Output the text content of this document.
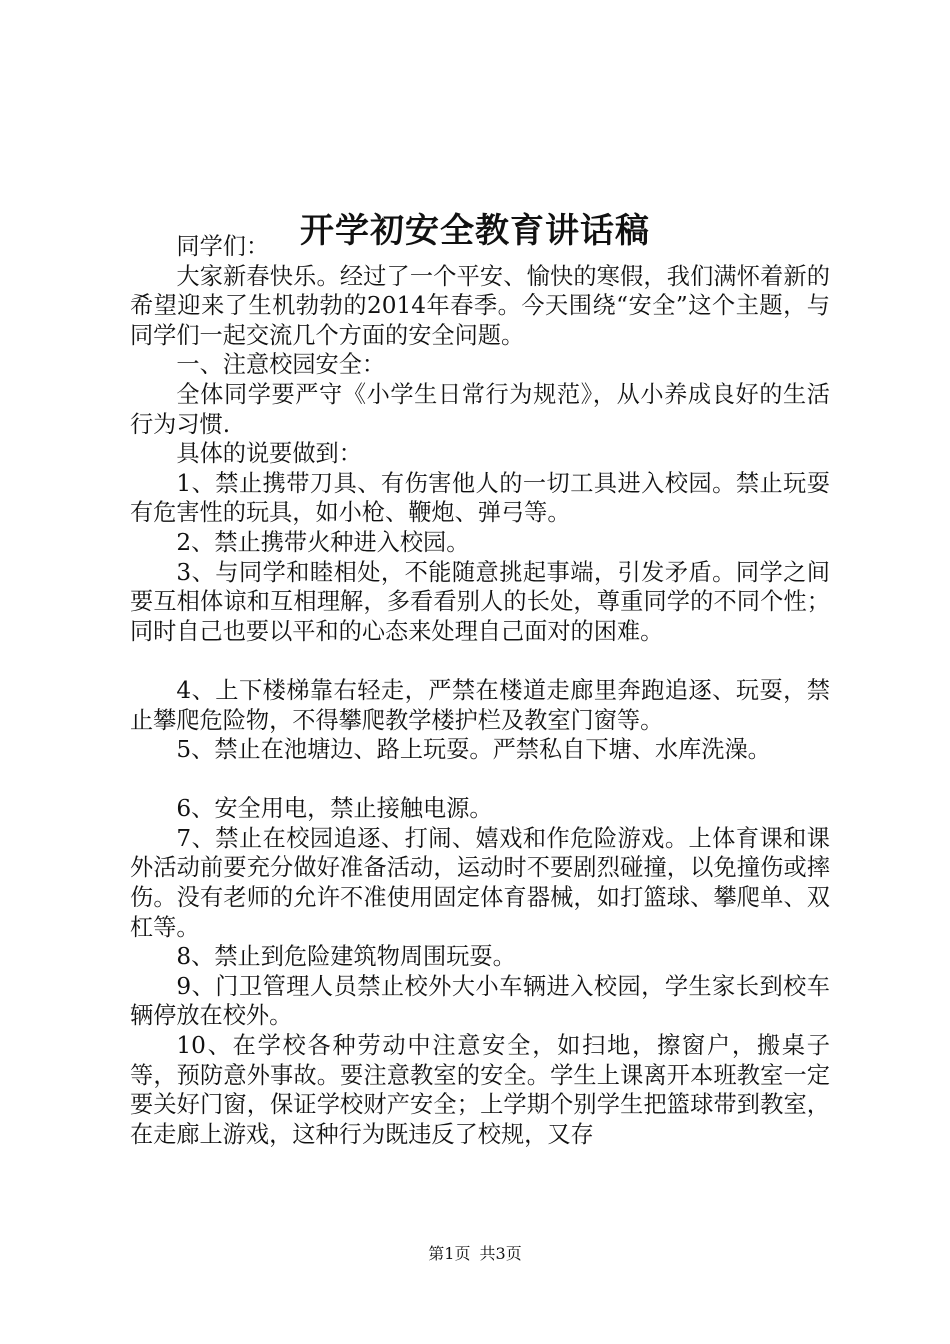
开学初安全教育讲话稿

同学们：

大家新春快乐。经过了一个平安、愉快的寒假，我们满怀着新的希望迎来了生机勃勃的2014年春季。今天围绕“安全”这个主题，与同学们一起交流几个方面的安全问题。

一、注意校园安全：

全体同学要严守《小学生日常行为规范》，从小养成良好的生活行为习惯.

具体的说要做到：

1、禁止携带刀具、有伤害他人的一切工具进入校园。禁止玩耍有危害性的玩具，如小枪、鞭炮、弹弓等。

2、禁止携带火种进入校园。

3、与同学和睦相处，不能随意挑起事端，引发矛盾。同学之间要互相体谅和互相理解，多看看别人的长处，尊重同学的不同个性；同时自己也要以平和的心态来处理自己面对的困难。

4、上下楼梯靠右轻走，严禁在楼道走廊里奔跑追逐、玩耍，禁止攀爬危险物，不得攀爬教学楼护栏及教室门窗等。

5、禁止在池塘边、路上玩耍。严禁私自下塘、水库洗澡。

6、安全用电，禁止接触电源。

7、禁止在校园追逐、打闹、嬉戏和作危险游戏。上体育课和课外活动前要充分做好准备活动，运动时不要剧烈碰撞，以免撞伤或摔伤。没有老师的允许不准使用固定体育器械，如打篮球、攀爬单、双杠等。

8、禁止到危险建筑物周围玩耍。

9、门卫管理人员禁止校外大小车辆进入校园，学生家长到校车辆停放在校外。

10、在学校各种劳动中注意安全，如扫地，擦窗户，搬桌子等，预防意外事故。要注意教室的安全。学生上课离开本班教室一定要关好门窗，保证学校财产安全；上学期个别学生把篮球带到教室，在走廊上游戏，这种行为既违反了校规，又存

第1页 共3页
